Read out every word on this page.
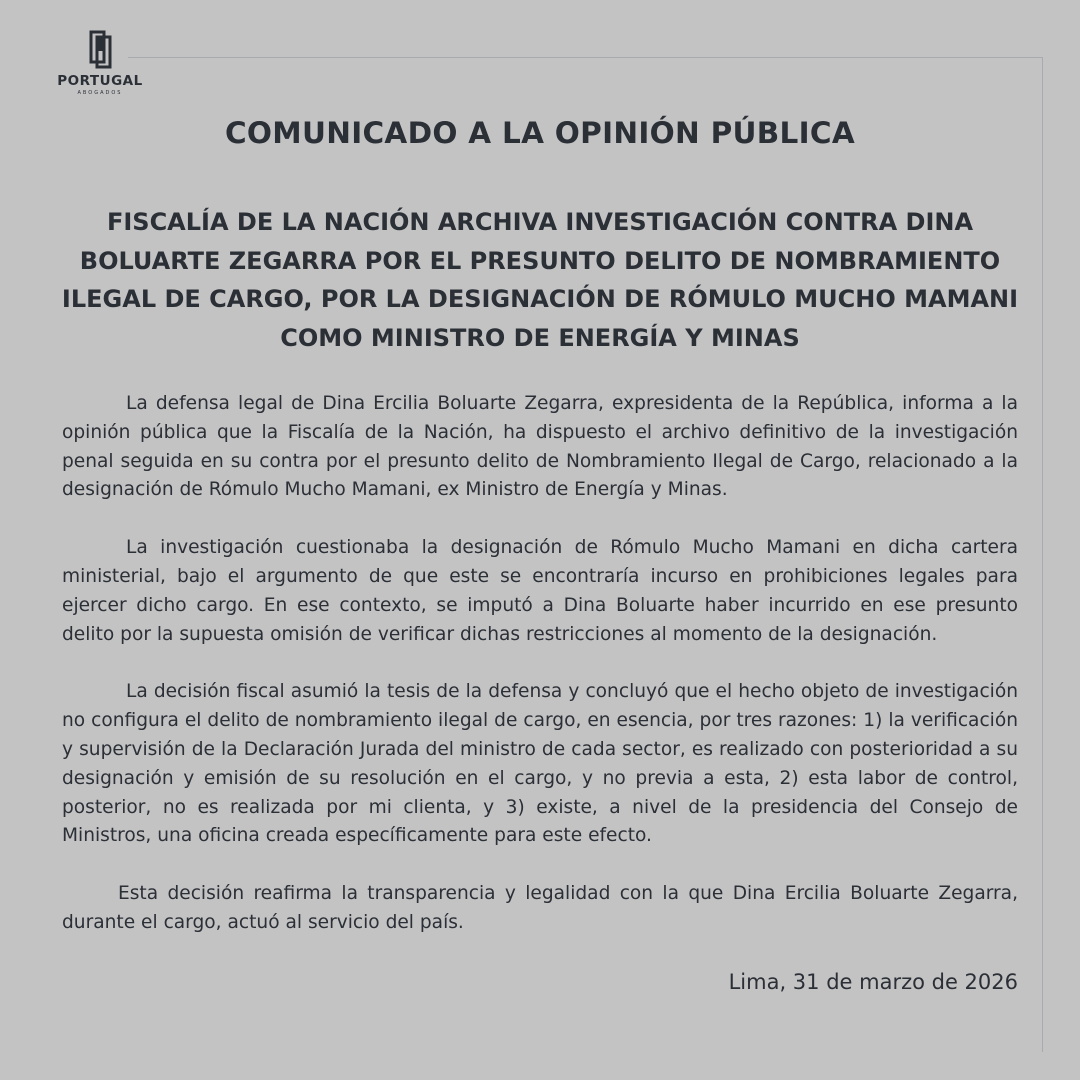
PORTUGAL
ABOGADOS
COMUNICADO A LA OPINIÓN PÚBLICA
FISCALÍA DE LA NACIÓN ARCHIVA INVESTIGACIÓN CONTRA DINA BOLUARTE ZEGARRA POR EL PRESUNTO DELITO DE NOMBRAMIENTO ILEGAL DE CARGO, POR LA DESIGNACIÓN DE RÓMULO MUCHO MAMANI COMO MINISTRO DE ENERGÍA Y MINAS

La defensa legal de Dina Ercilia Boluarte Zegarra, expresidenta de la República, informa a la opinión pública que la Fiscalía de la Nación, ha dispuesto el archivo definitivo de la investigación penal seguida en su contra por el presunto delito de Nombramiento Ilegal de Cargo, relacionado a la designación de Rómulo Mucho Mamani, ex Ministro de Energía y Minas.

La investigación cuestionaba la designación de Rómulo Mucho Mamani en dicha cartera ministerial, bajo el argumento de que este se encontraría incurso en prohibiciones legales para ejercer dicho cargo. En ese contexto, se imputó a Dina Boluarte haber incurrido en ese presunto delito por la supuesta omisión de verificar dichas restricciones al momento de la designación.

La decisión fiscal asumió la tesis de la defensa y concluyó que el hecho objeto de investigación no configura el delito de nombramiento ilegal de cargo, en esencia, por tres razones: 1) la verificación y supervisión de la Declaración Jurada del ministro de cada sector, es realizado con posterioridad a su designación y emisión de su resolución en el cargo, y no previa a esta, 2) esta labor de control, posterior, no es realizada por mi clienta, y 3) existe, a nivel de la presidencia del Consejo de Ministros, una oficina creada específicamente para este efecto.

Esta decisión reafirma la transparencia y legalidad con la que Dina Ercilia Boluarte Zegarra, durante el cargo, actuó al servicio del país.

Lima, 31 de marzo de 2026
